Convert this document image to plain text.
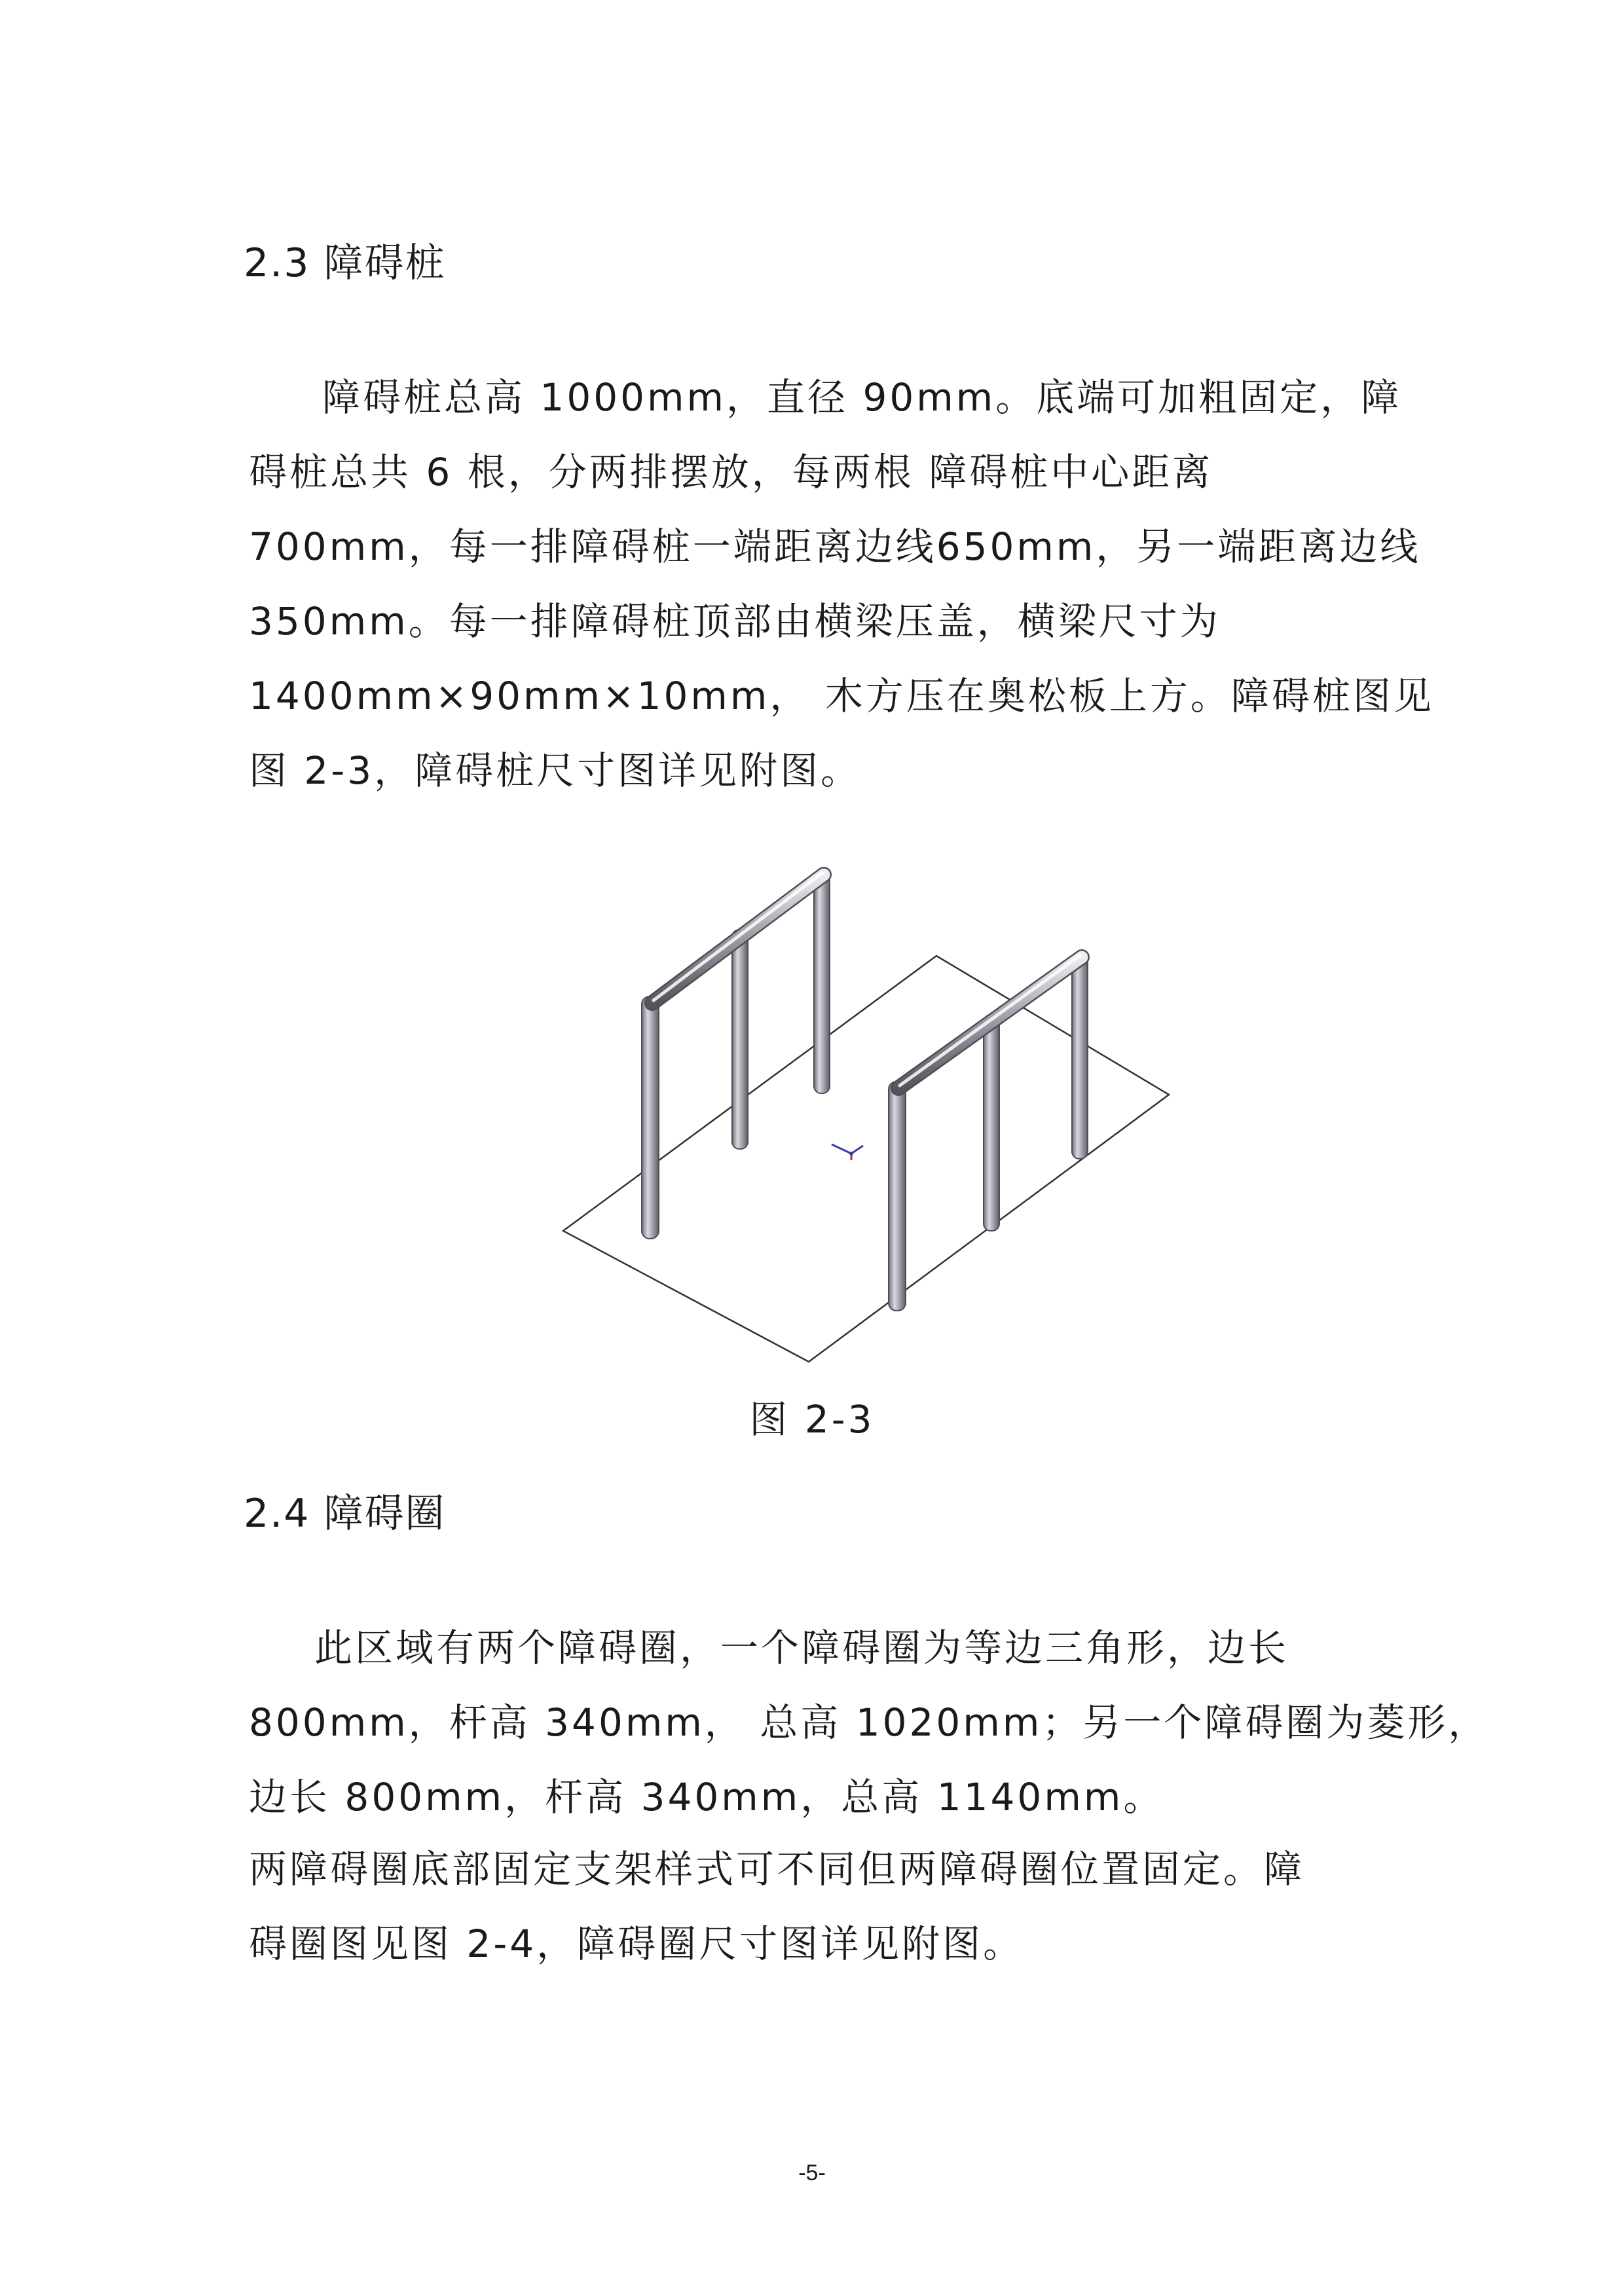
2.3 障碍桩
障碍桩总高 1000mm，直径 90mm。底端可加粗固定，障
碍桩总共 6 根，分两排摆放，每两根 障碍桩中心距离
700mm，每一排障碍桩一端距离边线650mm，另一端距离边线
350mm。每一排障碍桩顶部由横梁压盖，横梁尺寸为
1400mm×90mm×10mm， 木方压在奥松板上方。障碍桩图见
图 2-3，障碍桩尺寸图详见附图。
图 2-3
2.4 障碍圈
此区域有两个障碍圈，一个障碍圈为等边三角形，边长
800mm，杆高 340mm， 总高 1020mm；另一个障碍圈为菱形，
边长 800mm，杆高 340mm，总高 1140mm。
两障碍圈底部固定支架样式可不同但两障碍圈位置固定。障
碍圈图见图 2-4，障碍圈尺寸图详见附图。
-5-
